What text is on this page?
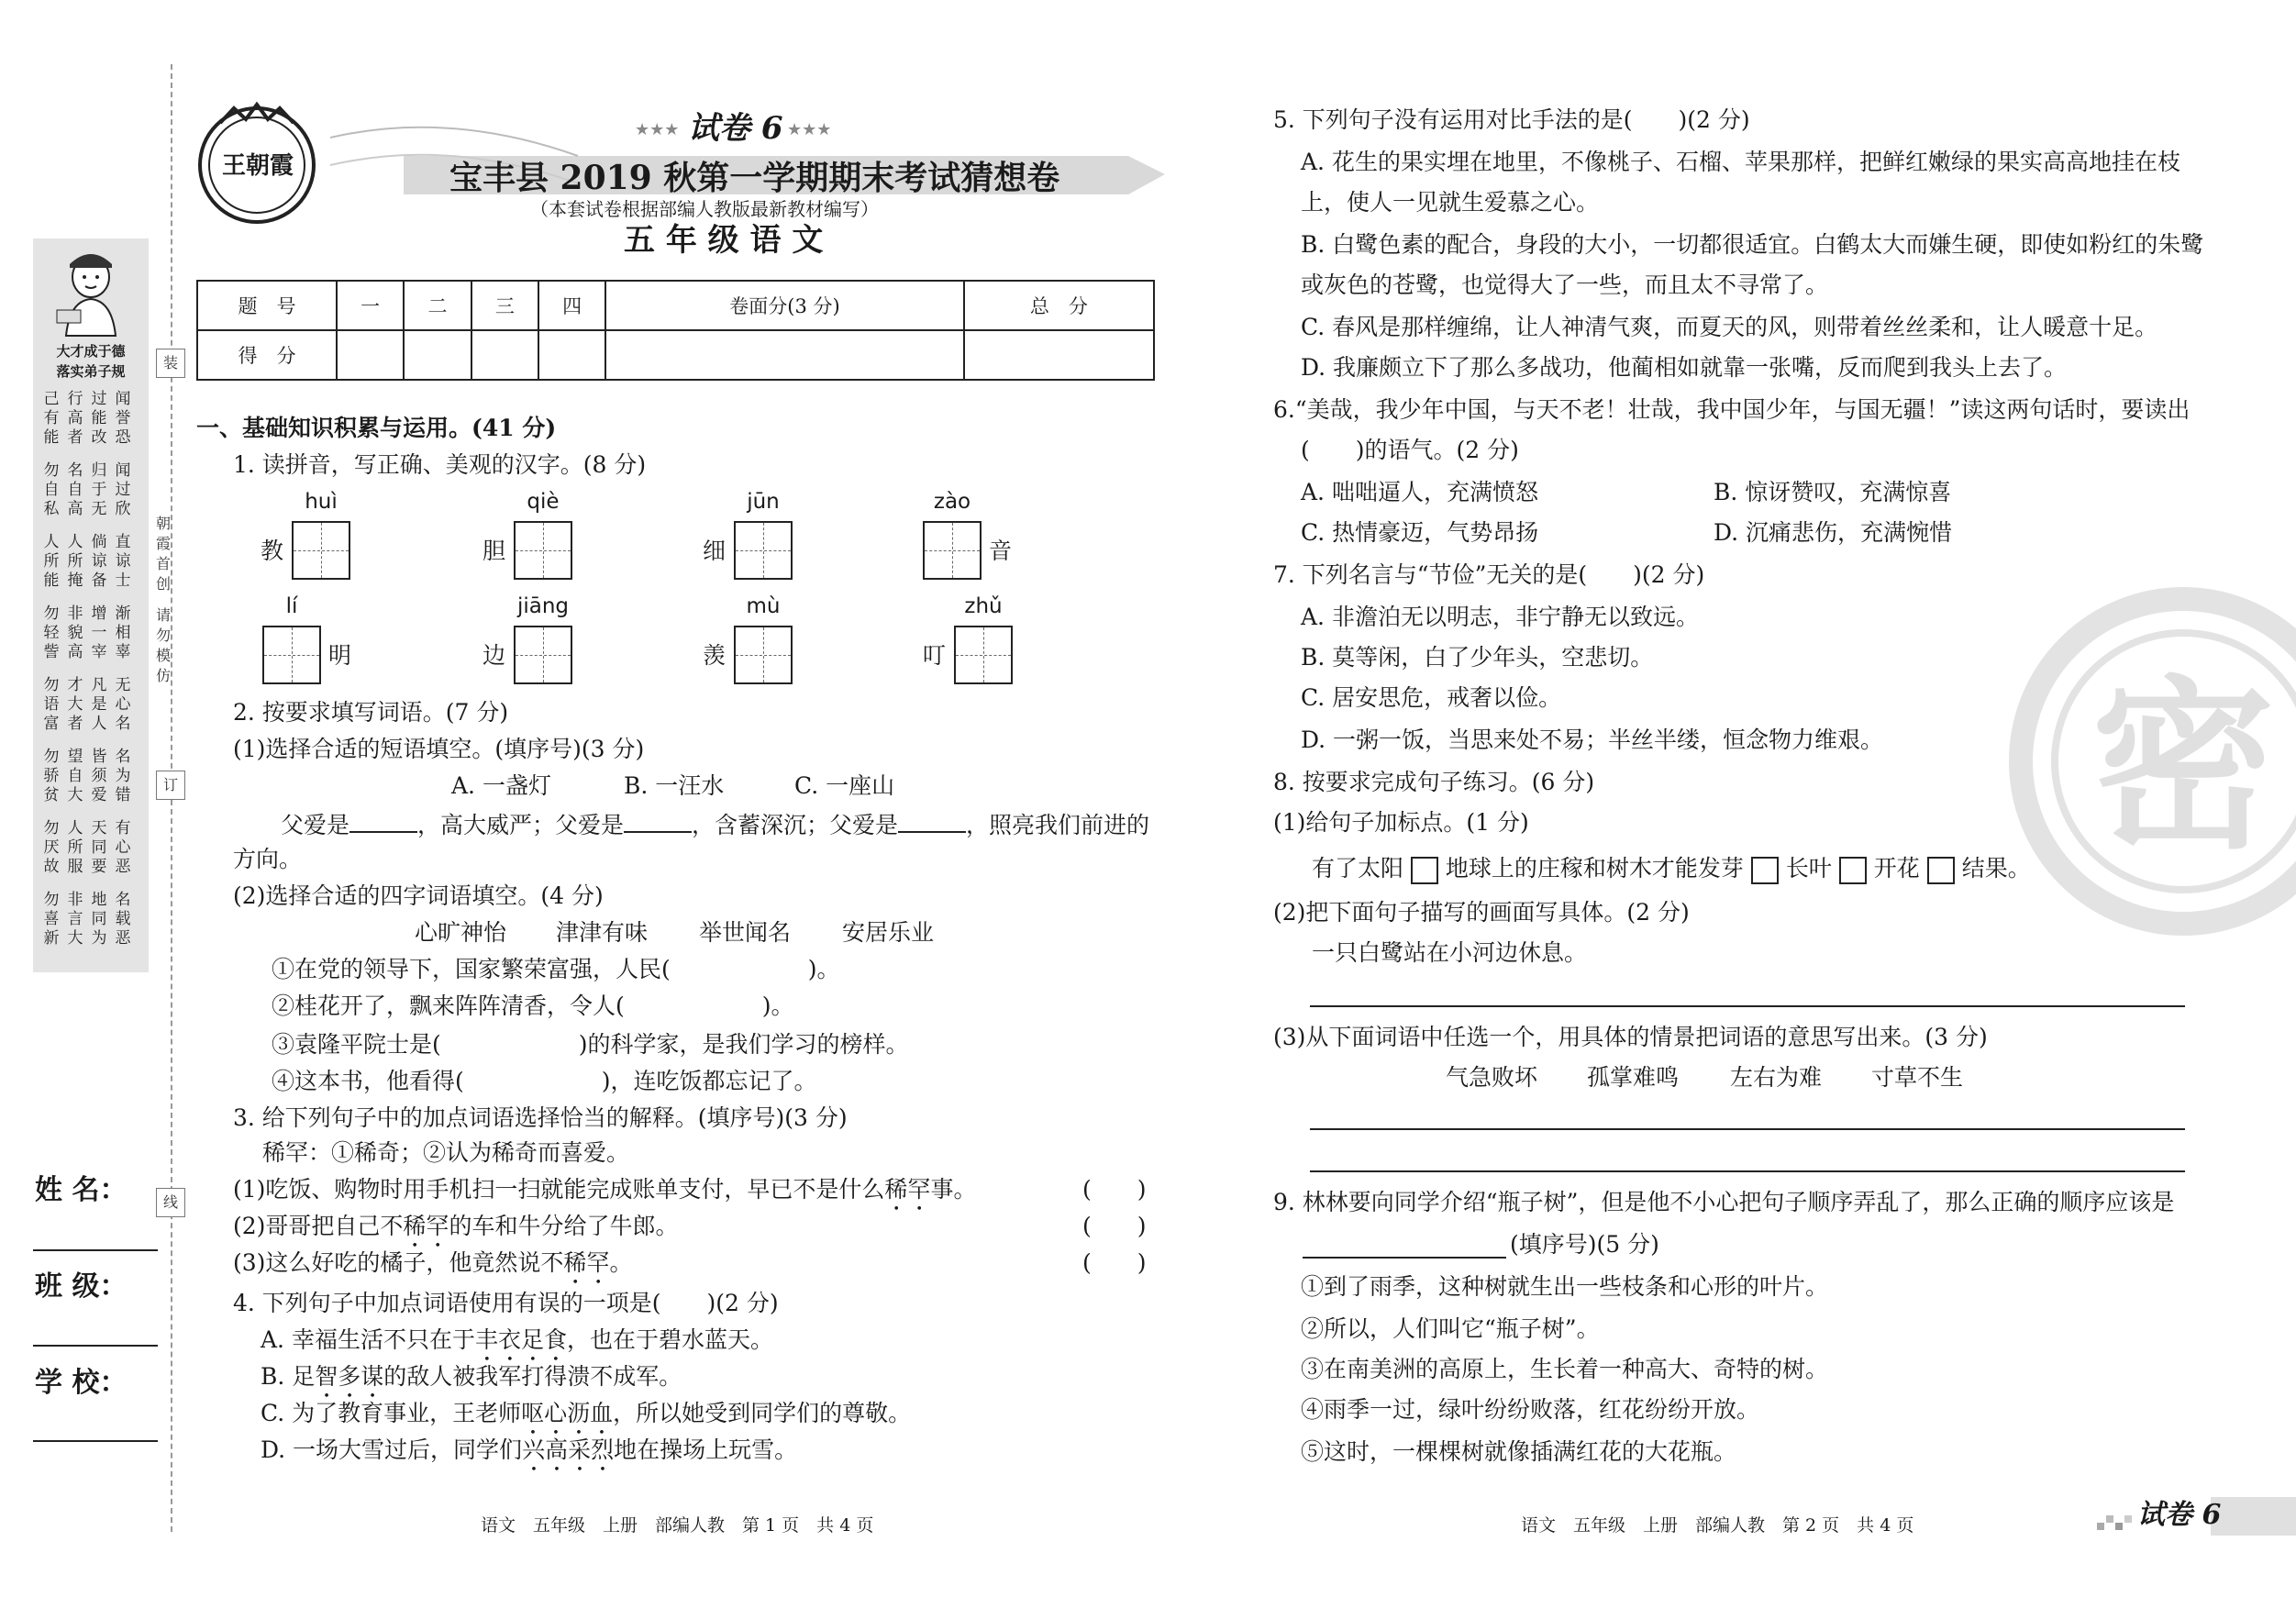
大才成于德
落实弟子规
己有能
行高者
过能改
闻誉恐
勿自私
名自高
归于无
闻过欣
人所能
人所掩
倘谅备
直谅士
勿轻訾
非貌高
增一宰
渐相辜
勿语富
才大者
凡是人
无心名
勿骄贫
望自大
皆须爱
名为错
勿厌故
人所服
天同要
有心恶
勿喜新
非言大
地同为
名载恶
朝霞首创
请勿模仿
装
订
线
姓 名：
班 级：
学 校：
王朝霞
★★★ 试卷 6 ★★★
宝丰县 2019 秋第一学期期末考试猜想卷
（本套试卷根据部编人教版最新教材编写）
五 年 级 语 文
题　号	一	二	三	四	卷面分(3 分)	总　分
得　分						
一、基础知识积累与运用。(41 分)
1. 读拼音，写正确、美观的汉字。(8 分)
huì
教
qiè
胆
jūn
细
zào
音
lí
明
jiāng
边
mù
羡
zhǔ
叮
2. 按要求填写词语。(7 分)
(1)选择合适的短语填空。(填序号)(3 分)
A. 一盏灯	B. 一汪水	C. 一座山
父爱是	，高大威严；父爱是	，含蓄深沉；父爱是	，照亮我们前进的
方向。
(2)选择合适的四字词语填空。(4 分)
心旷神怡 津津有味 举世闻名 安居乐业
①在党的领导下，国家繁荣富强，人民(　　　　　　)。
②桂花开了，飘来阵阵清香，令人(　　　　　　)。
③袁隆平院士是(　　　　　　)的科学家，是我们学习的榜样。
④这本书，他看得(　　　　　　)，连吃饭都忘记了。
3. 给下列句子中的加点词语选择恰当的解释。(填序号)(3 分)
稀罕：①稀奇；②认为稀奇而喜爱。
(1)吃饭、购物时用手机扫一扫就能完成账单支付，早已不是什么稀罕事。	(　　)
(2)哥哥把自己不稀罕的车和牛分给了牛郎。	(　　)
(3)这么好吃的橘子，他竟然说不稀罕。	(　　)
4. 下列句子中加点词语使用有误的一项是(　　)(2 分)
A. 幸福生活不只在于丰衣足食，也在于碧水蓝天。
B. 足智多谋的敌人被我军打得溃不成军。
C. 为了教育事业，王老师呕心沥血，所以她受到同学们的尊敬。
D. 一场大雪过后，同学们兴高采烈地在操场上玩雪。
语文　五年级　上册　部编人教　第 1 页　共 4 页
密
5. 下列句子没有运用对比手法的是(　　)(2 分)
A. 花生的果实埋在地里，不像桃子、石榴、苹果那样，把鲜红嫩绿的果实高高地挂在枝
上，使人一见就生爱慕之心。
B. 白鹭色素的配合，身段的大小，一切都很适宜。白鹤太大而嫌生硬，即使如粉红的朱鹭
或灰色的苍鹭，也觉得大了一些，而且太不寻常了。
C. 春风是那样缠绵，让人神清气爽，而夏天的风，则带着丝丝柔和，让人暖意十足。
D. 我廉颇立下了那么多战功，他蔺相如就靠一张嘴，反而爬到我头上去了。
6.“美哉，我少年中国，与天不老！壮哉，我中国少年，与国无疆！”读这两句话时，要读出
(　　)的语气。(2 分)
A. 咄咄逼人，充满愤怒	B. 惊讶赞叹，充满惊喜
C. 热情豪迈，气势昂扬	D. 沉痛悲伤，充满惋惜
7. 下列名言与“节俭”无关的是(　　)(2 分)
A. 非澹泊无以明志，非宁静无以致远。
B. 莫等闲，白了少年头，空悲切。
C. 居安思危，戒奢以俭。
D. 一粥一饭，当思来处不易；半丝半缕，恒念物力维艰。
8. 按要求完成句子练习。(6 分)
(1)给句子加标点。(1 分)
有了太阳 地球上的庄稼和树木才能发芽 长叶 开花 结果。
(2)把下面句子描写的画面写具体。(2 分)
一只白鹭站在小河边休息。
(3)从下面词语中任选一个，用具体的情景把词语的意思写出来。(3 分)
气急败坏 孤掌难鸣 左右为难 寸草不生
9. 林林要向同学介绍“瓶子树”，但是他不小心把句子顺序弄乱了，那么正确的顺序应该是
(填序号)(5 分)
①到了雨季，这种树就生出一些枝条和心形的叶片。
②所以，人们叫它“瓶子树”。
③在南美洲的高原上，生长着一种高大、奇特的树。
④雨季一过，绿叶纷纷败落，红花纷纷开放。
⑤这时，一棵棵树就像插满红花的大花瓶。
语文　五年级　上册　部编人教　第 2 页　共 4 页	试卷 6
